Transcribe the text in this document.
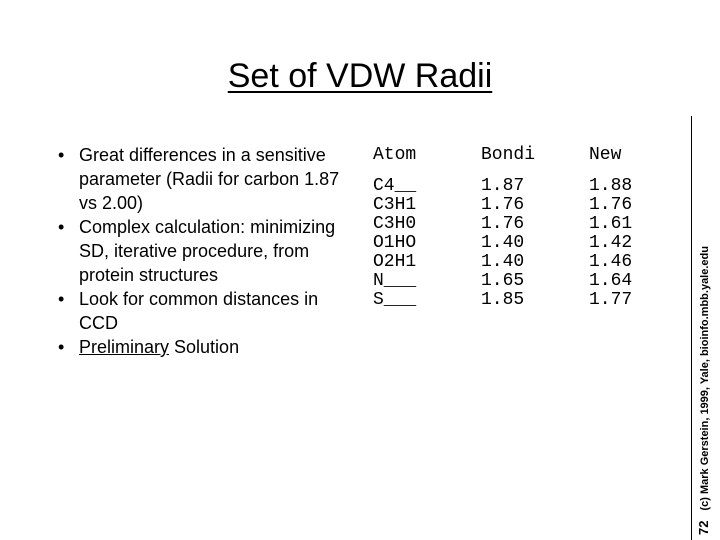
Set of VDW Radii
• Great differences in a sensitive parameter (Radii for carbon 1.87 vs 2.00)
• Complex calculation: minimizing SD, iterative procedure, from protein structures
• Look for common distances in CCD
• Preliminary Solution
Atom
C4__
C3H1
C3H0
O1HO
O2H1
N___
S___
Bondi
1.87
1.76
1.76
1.40
1.40
1.65
1.85
New
1.88
1.76
1.61
1.42
1.46
1.64
1.77
72(c) Mark Gerstein, 1999, Yale, bioinfo.mbb.yale.edu
